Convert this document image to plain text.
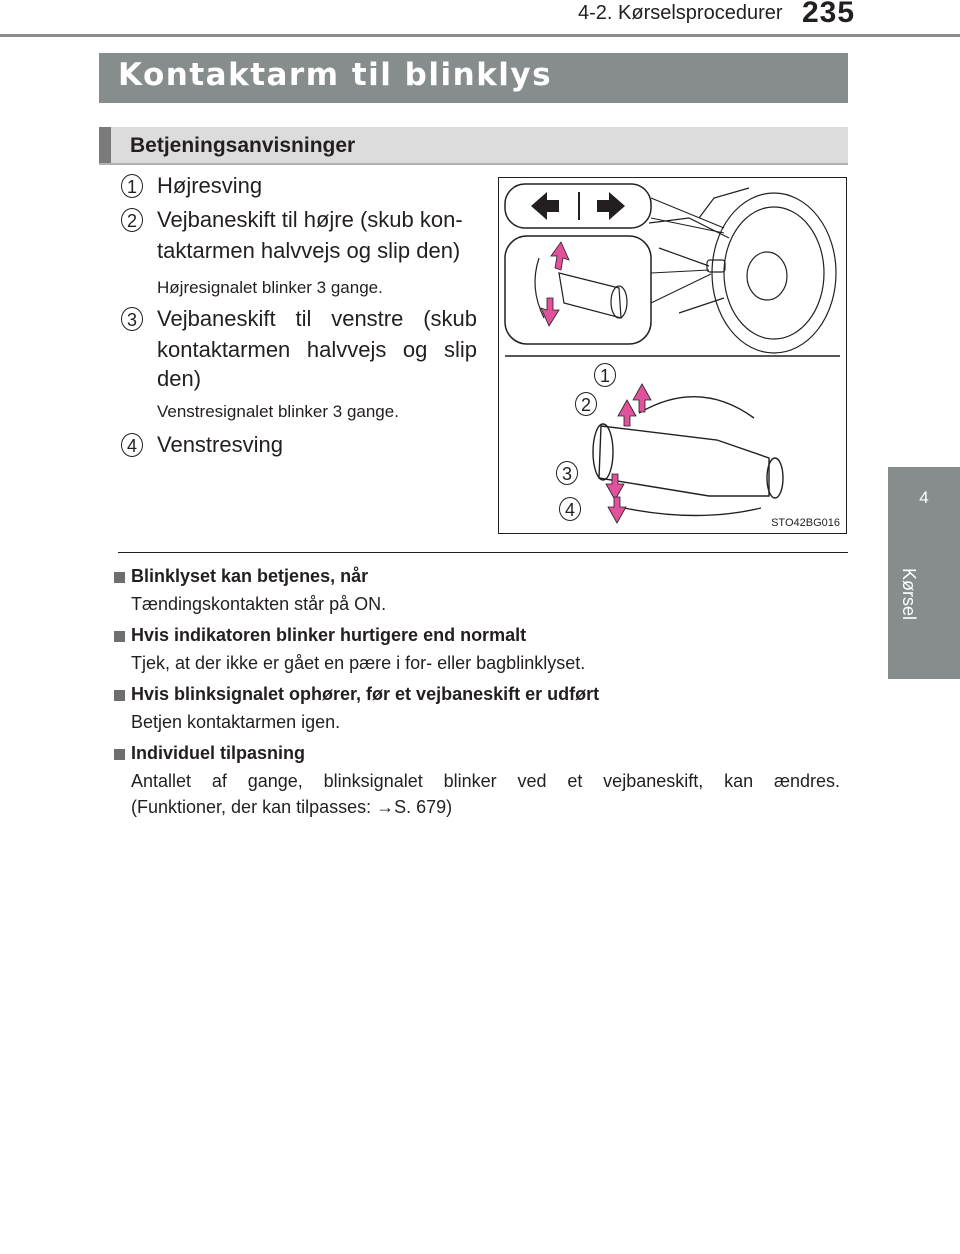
4-2. Kørselsprocedurer 235
4
Kørsel
Kontaktarm til blinklys
Betjeningsanvisninger
1 Højresving
2 Vejbaneskift til højre (skub kon-
taktarmen halvvejs og slip den)
Højresignalet blinker 3 gange.
3 Vejbaneskift til venstre (skub
kontaktarmen halvvejs og slip
den)
Venstresignalet blinker 3 gange.
4 Venstresving
1
2
3
4
STO42BG016
Blinklyset kan betjenes, når
Tændingskontakten står på ON.
Hvis indikatoren blinker hurtigere end normalt
Tjek, at der ikke er gået en pære i for- eller bagblinklyset.
Hvis blinksignalet ophører, før et vejbaneskift er udført
Betjen kontaktarmen igen.
Individuel tilpasning
Antallet af gange, blinksignalet blinker ved et vejbaneskift, kan ændres.
(Funktioner, der kan tilpasses: →S. 679)
